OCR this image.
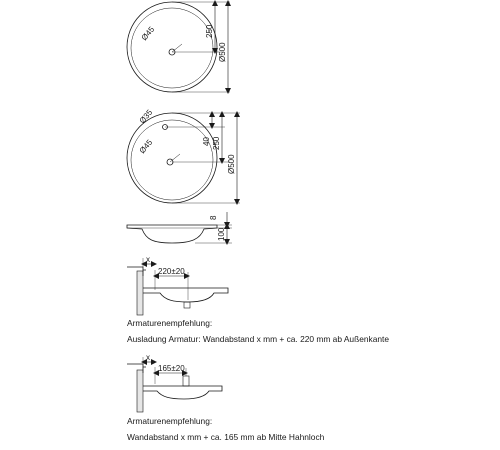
Ø45	250
Ø500
Ø35
Ø45	40 250
Ø500
8
100
x
220±20
x
165±20
Armaturenempfehlung:
Ausladung Armatur: Wandabstand x mm + ca. 220 mm ab Außenkante
Armaturenempfehlung:
Wandabstand x mm + ca. 165 mm ab Mitte Hahnloch
